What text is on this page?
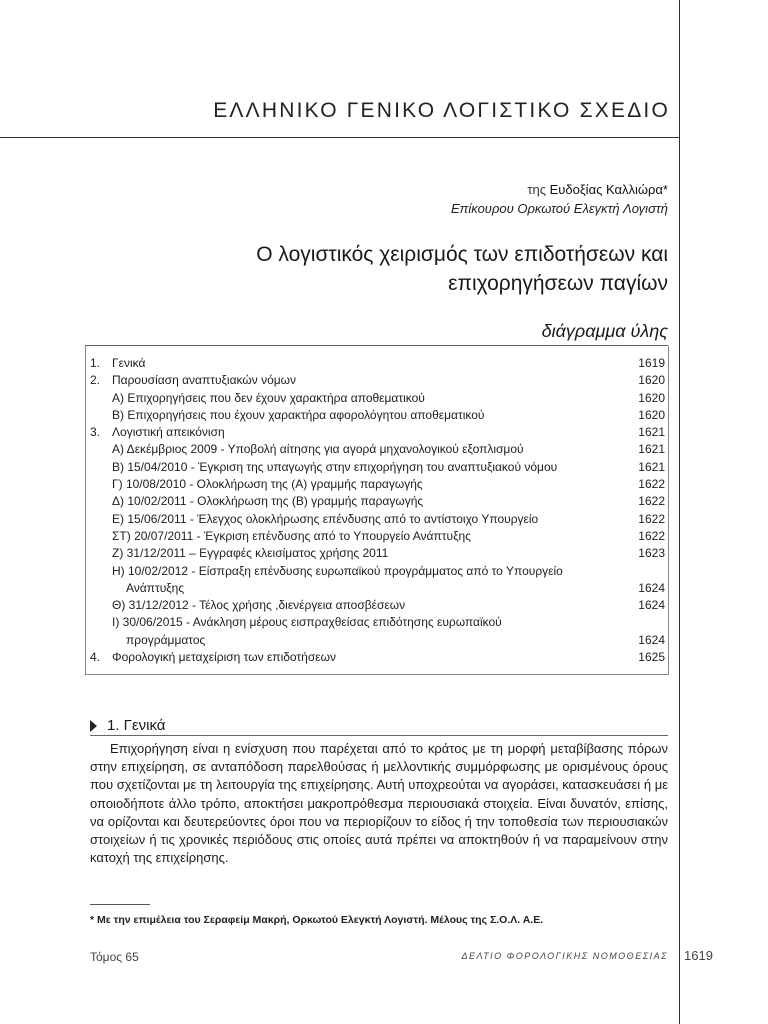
ΕΛΛΗΝΙΚΟ ΓΕΝΙΚΟ ΛΟΓΙΣΤΙΚΟ ΣΧΕΔΙΟ
της Ευδοξίας Καλλιώρα*
Επίκουρου Ορκωτού Ελεγκτή Λογιστή
Ο λογιστικός χειρισμός των επιδοτήσεων και
επιχορηγήσεων παγίων
διάγραμμα ύλης
1. Γενικά	1619
2. Παρουσίαση αναπτυξιακών νόμων	1620
Α) Επιχορηγήσεις που δεν έχουν χαρακτήρα αποθεματικού	1620
Β) Επιχορηγήσεις που έχουν χαρακτήρα αφορολόγητου αποθεματικού	1620
3. Λογιστική απεικόνιση	1621
Α) Δεκέμβριος 2009 - Υποβολή αίτησης για αγορά μηχανολογικού εξοπλισμού	1621
Β) 15/04/2010 - Έγκριση της υπαγωγής στην επιχορήγηση του αναπτυξιακού νόμου	1621
Γ) 10/08/2010 - Ολοκλήρωση της (Α) γραμμής παραγωγής	1622
Δ) 10/02/2011 - Ολοκλήρωση της (Β) γραμμής παραγωγής	1622
Ε) 15/06/2011 - Έλεγχος ολοκλήρωσης επένδυσης από το αντίστοιχο Υπουργείο	1622
ΣΤ) 20/07/2011 - Έγκριση επένδυσης από το Υπουργείο Ανάπτυξης	1622
Ζ) 31/12/2011 – Εγγραφές κλεισίματος χρήσης 2011	1623
Η) 10/02/2012 - Είσπραξη επένδυσης ευρωπαϊκού προγράμματος από το Υπουργείο
Ανάπτυξης	1624
Θ) 31/12/2012 - Τέλος χρήσης ,διενέργεια αποσβέσεων	1624
Ι) 30/06/2015 - Ανάκληση μέρους εισπραχθείσας επιδότησης ευρωπαϊκού
προγράμματος	1624
4. Φορολογική μεταχείριση των επιδοτήσεων	1625
1. Γενικά

Επιχορήγηση είναι η ενίσχυση που παρέχεται από το κράτος με τη μορφή μεταβίβασης πόρων στην επιχείρηση, σε ανταπόδοση παρελθούσας ή μελλοντικής συμμόρφωσης με ορισμένους όρους που σχετίζονται με τη λειτουργία της επιχείρησης. Αυτή υποχρεούται να αγοράσει, κατασκευάσει ή με οποιοδήποτε άλλο τρόπο, αποκτήσει μακροπρόθεσμα περιουσιακά στοιχεία. Είναι δυνατόν, επίσης, να ορίζονται και δευτερεύοντες όροι που να περιορίζουν το είδος ή την τοποθεσία των περιουσιακών στοιχείων ή τις χρονικές περιόδους στις οποίες αυτά πρέπει να αποκτηθούν ή να παραμείνουν στην κατοχή της επιχείρησης.

* Με την επιμέλεια του Σεραφείμ Μακρή, Ορκωτού Ελεγκτή Λογιστή. Μέλους της Σ.Ο.Λ. Α.Ε.
Τόμος 65	ΔΕΛΤΙΟ ΦΟΡΟΛΟΓΙΚΗΣ ΝΟΜΟΘΕΣΙΑΣ 1619
